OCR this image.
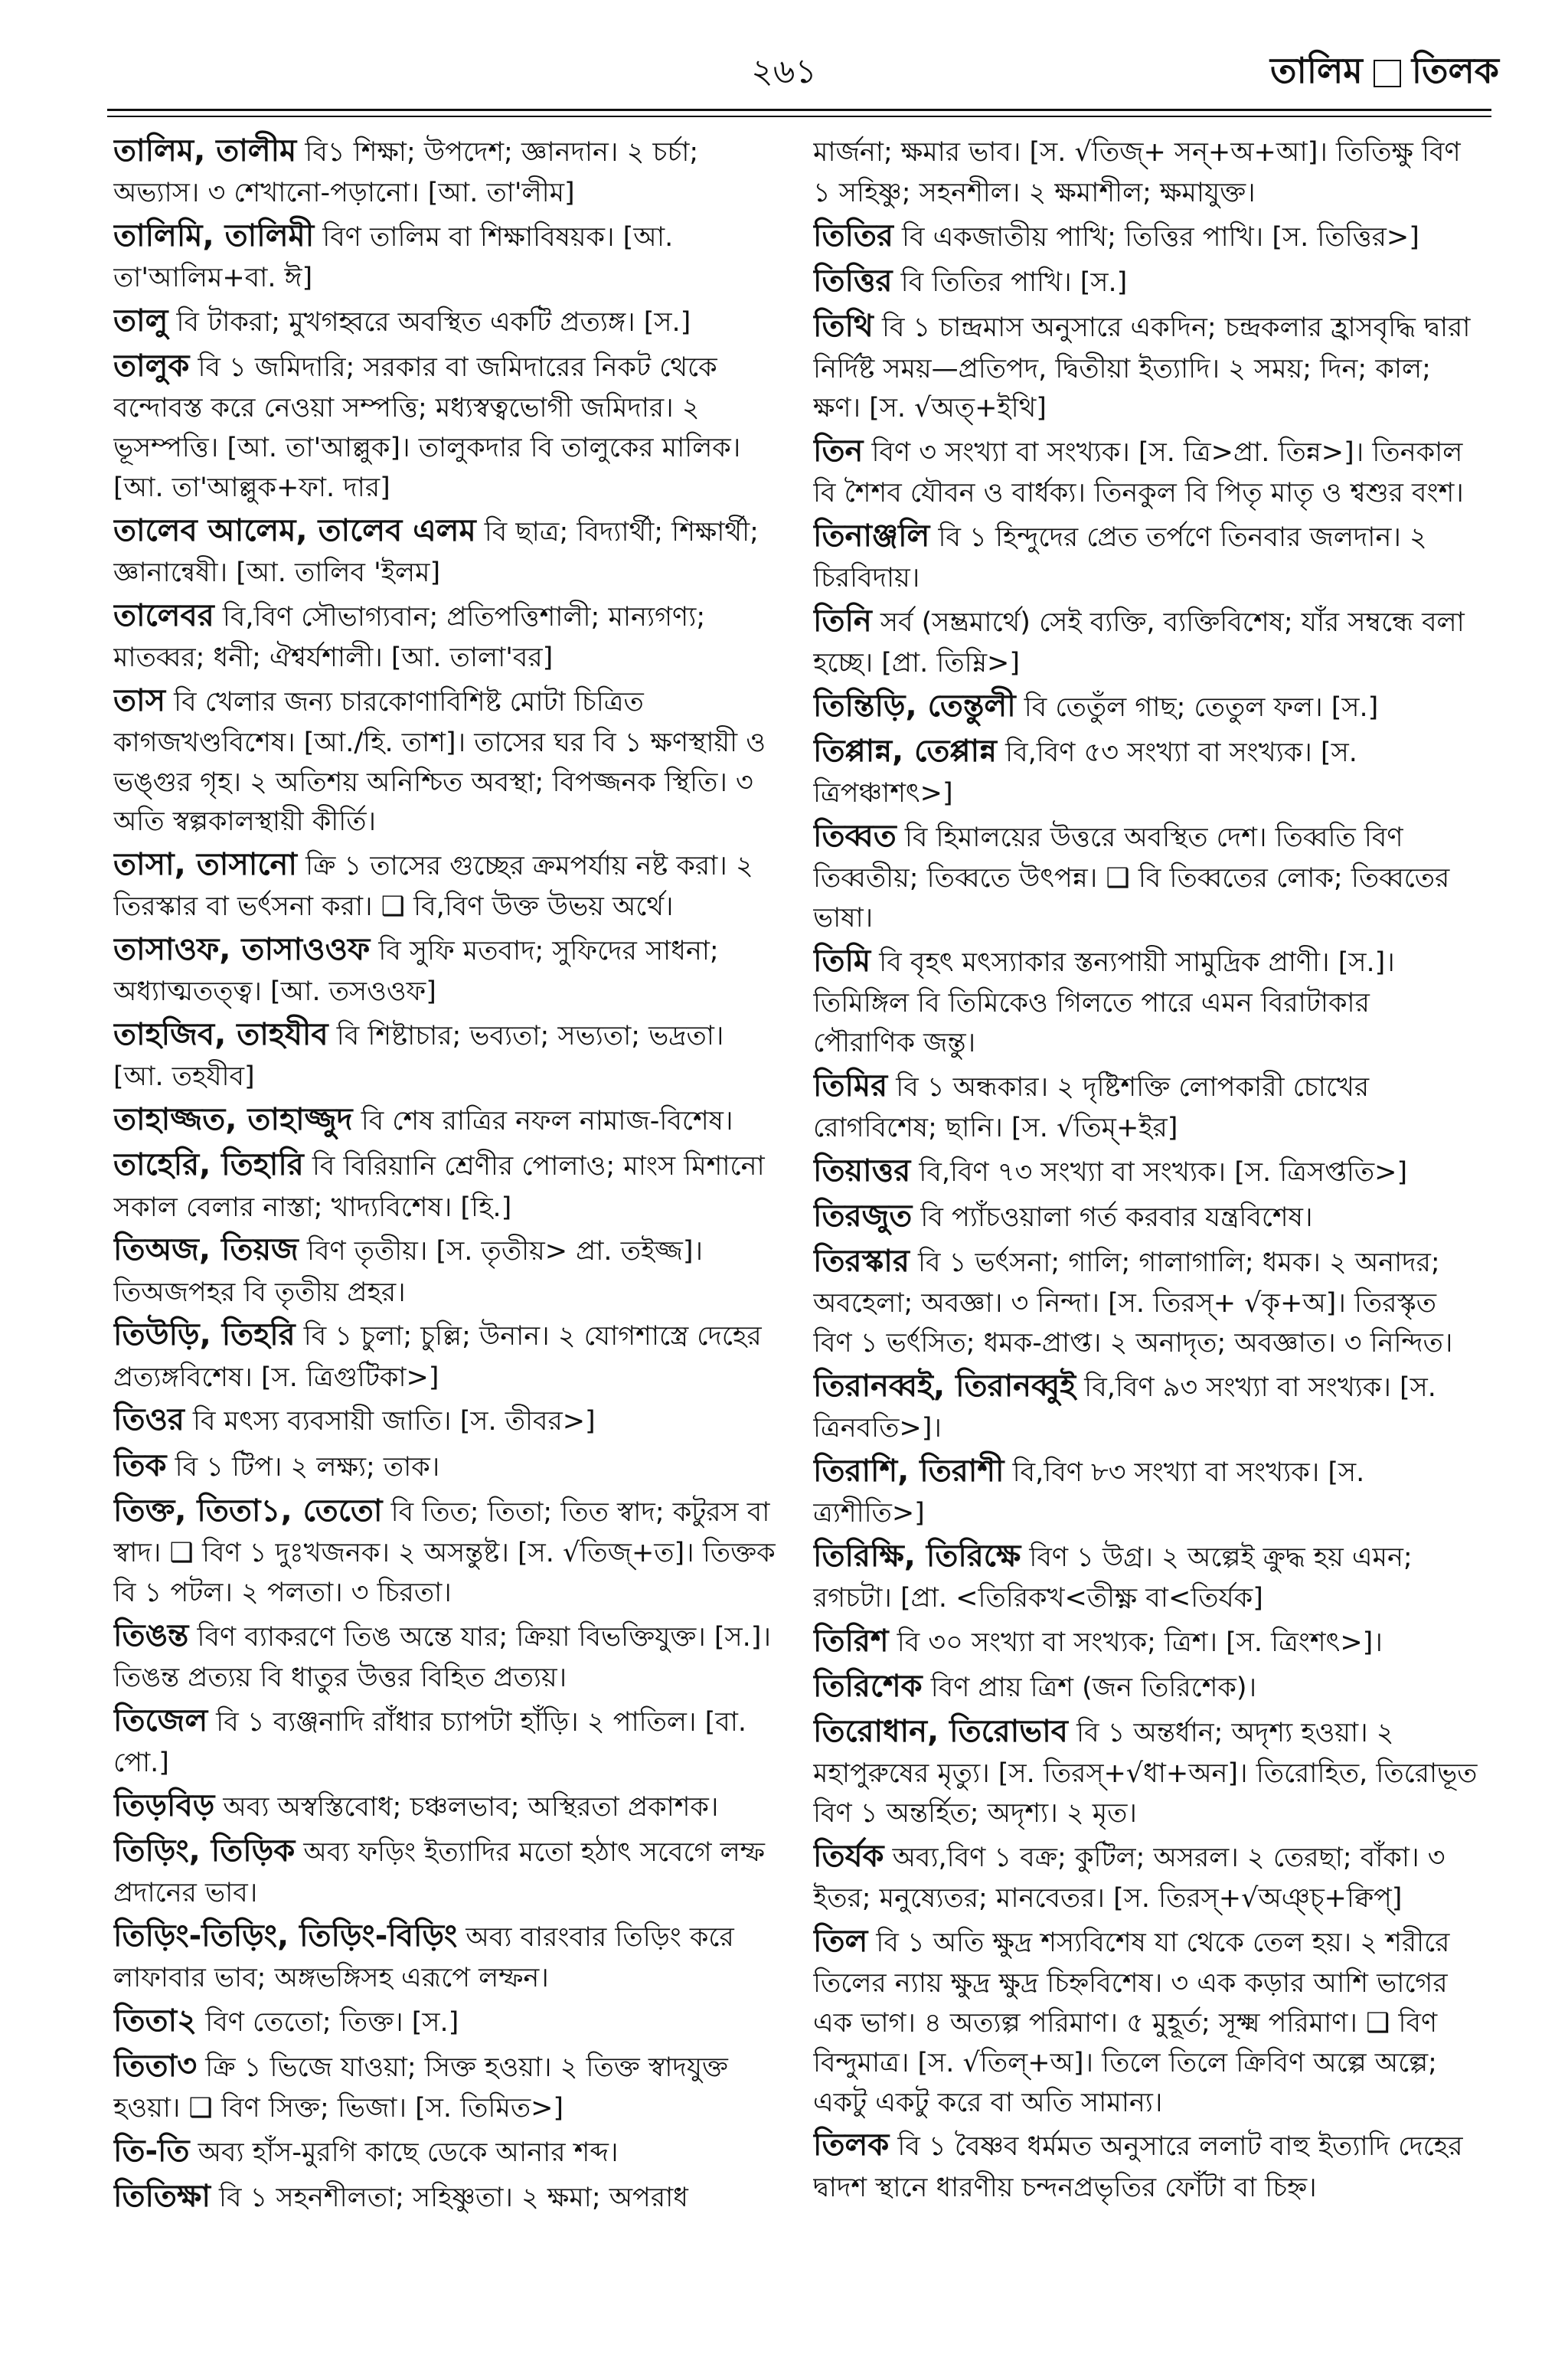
২৬১	তালিম তিলক

তালিম, তালীম বি১ শিক্ষা; উপদেশ; জ্ঞানদান। ২ চর্চা; অভ্যাস। ৩ শেখানো-পড়ানো। [আ. তা'লীম]

তালিমি, তালিমী বিণ তালিম বা শিক্ষাবিষয়ক। [আ. তা'আলিম+বা. ঈ]

তালু বি টাকরা; মুখগহ্বরে অবস্থিত একটি প্রত্যঙ্গ। [স.]

তালুক বি ১ জমিদারি; সরকার বা জমিদারের নিকট থেকে বন্দোবস্ত করে নেওয়া সম্পত্তি; মধ্যস্বত্বভোগী জমিদার। ২ ভূসম্পত্তি। [আ. তা'আল্লুক]। তালুকদার বি তালুকের মালিক। [আ. তা'আল্লুক+ফা. দার]

তালেব আলেম, তালেব এলম বি ছাত্র; বিদ্যার্থী; শিক্ষার্থী; জ্ঞানান্বেষী। [আ. তালিব 'ইলম]

তালেবর বি,বিণ সৌভাগ্যবান; প্রতিপত্তিশালী; মান্যগণ্য; মাতব্বর; ধনী; ঐশ্বর্যশালী। [আ. তালা'বর]

তাস বি খেলার জন্য চারকোণাবিশিষ্ট মোটা চিত্রিত কাগজখণ্ডবিশেষ। [আ./হি. তাশ]। তাসের ঘর বি ১ ক্ষণস্থায়ী ও ভঙ্গুর গৃহ। ২ অতিশয় অনিশ্চিত অবস্থা; বিপজ্জনক স্থিতি। ৩ অতি স্বল্পকালস্থায়ী কীর্তি।

তাসা, তাসানো ক্রি ১ তাসের গুচ্ছের ক্রমপর্যায় নষ্ট করা। ২ তিরস্কার বা ভর্ৎসনা করা। ❑ বি,বিণ উক্ত উভয় অর্থে।

তাসাওফ, তাসাওওফ বি সুফি মতবাদ; সুফিদের সাধনা; অধ্যাত্মতত্ত্ব। [আ. তসওওফ]

তাহজিব, তাহযীব বি শিষ্টাচার; ভব্যতা; সভ্যতা; ভদ্রতা। [আ. তহযীব]

তাহাজ্জত, তাহাজ্জুদ বি শেষ রাত্রির নফল নামাজ-বিশেষ।

তাহেরি, তিহারি বি বিরিয়ানি শ্রেণীর পোলাও; মাংস মিশানো সকাল বেলার নাস্তা; খাদ্যবিশেষ। [হি.]

তিঅজ, তিয়জ বিণ তৃতীয়। [স. তৃতীয়> প্রা. তইজ্জ]। তিঅজপহর বি তৃতীয় প্রহর।

তিউড়ি, তিহরি বি ১ চুলা; চুল্লি; উনান। ২ যোগশাস্ত্রে দেহের প্রত্যঙ্গবিশেষ। [স. ত্রিগুটিকা>]

তিওর বি মৎস্য ব্যবসায়ী জাতি। [স. তীবর>]

তিক বি ১ টিপ। ২ লক্ষ্য; তাক।

তিক্ত, তিতা১, তেতো বি তিত; তিতা; তিত স্বাদ; কটুরস বা স্বাদ। ❑ বিণ ১ দুঃখজনক। ২ অসন্তুষ্ট। [স. √তিজ্+ত]। তিক্তক বি ১ পটল। ২ পলতা। ৩ চিরতা।

তিঙন্ত বিণ ব্যাকরণে তিঙ অন্তে যার; ক্রিয়া বিভক্তিযুক্ত। [স.]। তিঙন্ত প্রত্যয় বি ধাতুর উত্তর বিহিত প্রত্যয়।

তিজেল বি ১ ব্যঞ্জনাদি রাঁধার চ্যাপটা হাঁড়ি। ২ পাতিল। [বা. পো.]

তিড়বিড় অব্য অস্বস্তিবোধ; চঞ্চলভাব; অস্থিরতা প্রকাশক।

তিড়িং, তিড়িক অব্য ফড়িং ইত্যাদির মতো হঠাৎ সবেগে লম্ফ প্রদানের ভাব।

তিড়িং-তিড়িং, তিড়িং-বিড়িং অব্য বারংবার তিড়িং করে লাফাবার ভাব; অঙ্গভঙ্গিসহ এরূপে লম্ফন।

তিতা২ বিণ তেতো; তিক্ত। [স.]

তিতা৩ ক্রি ১ ভিজে যাওয়া; সিক্ত হওয়া। ২ তিক্ত স্বাদযুক্ত হওয়া। ❑ বিণ সিক্ত; ভিজা। [স. তিমিত>]

তি-তি অব্য হাঁস-মুরগি কাছে ডেকে আনার শব্দ।

তিতিক্ষা বি ১ সহনশীলতা; সহিষ্ণুতা। ২ ক্ষমা; অপরাধ

মার্জনা; ক্ষমার ভাব। [স. √তিজ্+ সন্+অ+আ]। তিতিক্ষু বিণ ১ সহিষ্ণু; সহনশীল। ২ ক্ষমাশীল; ক্ষমাযুক্ত।

তিতির বি একজাতীয় পাখি; তিত্তির পাখি। [স. তিত্তির>]

তিত্তির বি তিতির পাখি। [স.]

তিথি বি ১ চান্দ্রমাস অনুসারে একদিন; চন্দ্রকলার হ্রাসবৃদ্ধি দ্বারা নির্দিষ্ট সময়—প্রতিপদ, দ্বিতীয়া ইত্যাদি। ২ সময়; দিন; কাল; ক্ষণ। [স. √অত্+ইথি]

তিন বিণ ৩ সংখ্যা বা সংখ্যক। [স. ত্রি>প্রা. তিন্ন>]। তিনকাল বি শৈশব যৌবন ও বার্ধক্য। তিনকুল বি পিতৃ মাতৃ ও শ্বশুর বংশ।

তিনাঞ্জলি বি ১ হিন্দুদের প্রেত তর্পণে তিনবার জলদান। ২ চিরবিদায়।

তিনি সর্ব (সম্ভ্রমার্থে) সেই ব্যক্তি, ব্যক্তিবিশেষ; যাঁর সম্বন্ধে বলা হচ্ছে। [প্রা. তিম্নি>]

তিন্তিড়ি, তেন্তুলী বি তেতুঁল গাছ; তেতুল ফল। [স.]

তিপ্পান্ন, তেপ্পান্ন বি,বিণ ৫৩ সংখ্যা বা সংখ্যক। [স. ত্রিপঞ্চাশৎ>]

তিব্বত বি হিমালয়ের উত্তরে অবস্থিত দেশ। তিব্বতি বিণ তিব্বতীয়; তিব্বতে উৎপন্ন। ❑ বি তিব্বতের লোক; তিব্বতের ভাষা।

তিমি বি বৃহৎ মৎস্যাকার স্তন্যপায়ী সামুদ্রিক প্রাণী। [স.]। তিমিঙ্গিল বি তিমিকেও গিলতে পারে এমন বিরাটাকার পৌরাণিক জন্তু।

তিমির বি ১ অন্ধকার। ২ দৃষ্টিশক্তি লোপকারী চোখের রোগবিশেষ; ছানি। [স. √তিম্+ইর]

তিয়াত্তর বি,বিণ ৭৩ সংখ্যা বা সংখ্যক। [স. ত্রিসপ্ততি>]

তিরজুত বি প্যাঁচওয়ালা গর্ত করবার যন্ত্রবিশেষ।

তিরস্কার বি ১ ভর্ৎসনা; গালি; গালাগালি; ধমক। ২ অনাদর; অবহেলা; অবজ্ঞা। ৩ নিন্দা। [স. তিরস্+ √কৃ+অ]। তিরস্কৃত বিণ ১ ভর্ৎসিত; ধমক-প্রাপ্ত। ২ অনাদৃত; অবজ্ঞাত। ৩ নিন্দিত।

তিরানব্বই, তিরানব্বুই বি,বিণ ৯৩ সংখ্যা বা সংখ্যক। [স. ত্রিনবতি>]।

তিরাশি, তিরাশী বি,বিণ ৮৩ সংখ্যা বা সংখ্যক। [স. ত্র্যশীতি>]

তিরিক্ষি, তিরিক্ষে বিণ ১ উগ্র। ২ অল্পেই ক্রুদ্ধ হয় এমন; রগচটা। [প্রা. <তিরিকখ<তীক্ষ্ণ বা<তির্যক]

তিরিশ বি ৩০ সংখ্যা বা সংখ্যক; ত্রিশ। [স. ত্রিংশৎ>]।

তিরিশেক বিণ প্রায় ত্রিশ (জন তিরিশেক)।

তিরোধান, তিরোভাব বি ১ অন্তর্ধান; অদৃশ্য হওয়া। ২ মহাপুরুষের মৃত্যু। [স. তিরস্+√ধা+অন]। তিরোহিত, তিরোভূত বিণ ১ অন্তর্হিত; অদৃশ্য। ২ মৃত।

তির্যক অব্য,বিণ ১ বক্র; কুটিল; অসরল। ২ তেরছা; বাঁকা। ৩ ইতর; মনুষ্যেতর; মানবেতর। [স. তিরস্+√অঞ্চ্+ক্বিপ্]

তিল বি ১ অতি ক্ষুদ্র শস্যবিশেষ যা থেকে তেল হয়। ২ শরীরে তিলের ন্যায় ক্ষুদ্র ক্ষুদ্র চিহ্নবিশেষ। ৩ এক কড়ার আশি ভাগের এক ভাগ। ৪ অত্যল্প পরিমাণ। ৫ মুহূর্ত; সূক্ষ্ম পরিমাণ। ❑ বিণ বিন্দুমাত্র। [স. √তিল্+অ]। তিলে তিলে ক্রিবিণ অল্পে অল্পে; একটু একটু করে বা অতি সামান্য।

তিলক বি ১ বৈষ্ণব ধর্মমত অনুসারে ললাট বাহু ইত্যাদি দেহের দ্বাদশ স্থানে ধারণীয় চন্দনপ্রভৃতির ফোঁটা বা চিহ্ন।
